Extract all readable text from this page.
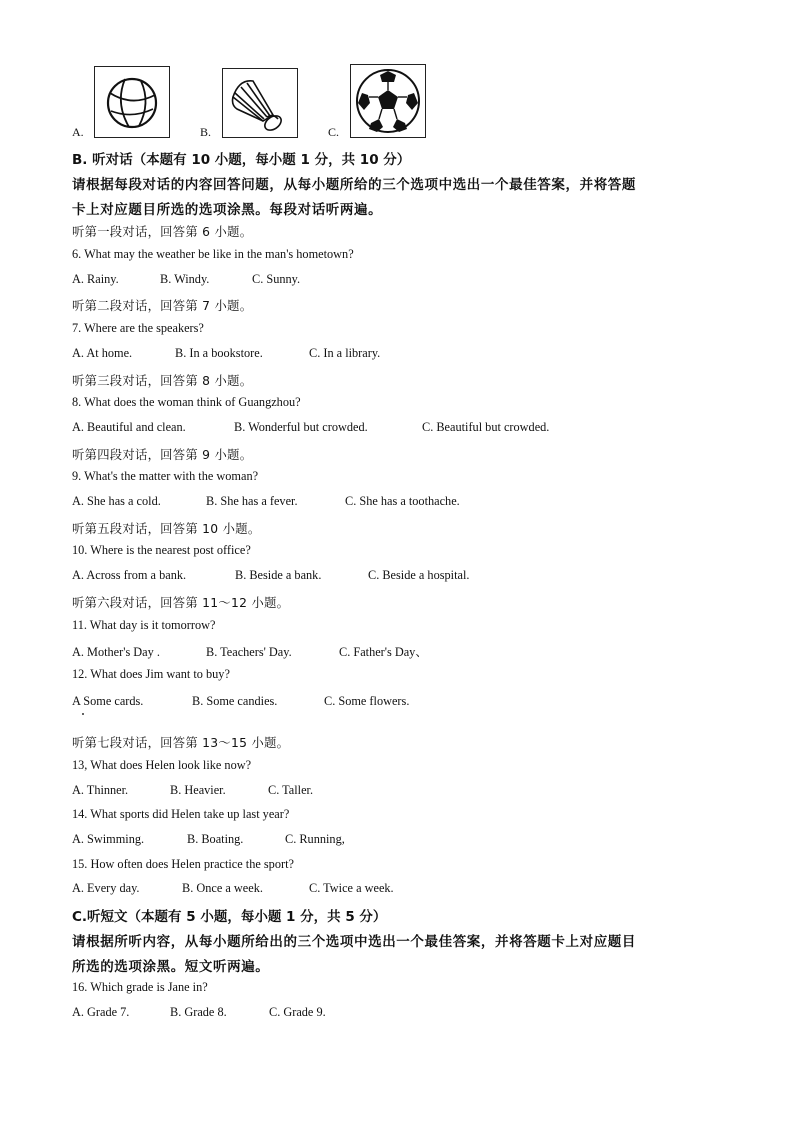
A.	B.	C.
B. 听对话（本题有 10 小题，每小题 1 分，共 10 分）
请根据每段对话的内容回答问题，从每小题所给的三个选项中选出一个最佳答案，并将答题
卡上对应题目所选的选项涂黑。每段对话听两遍。
听第一段对话，回答第 6 小题。
6. What may the weather be like in the man's hometown?
A. Rainy.	B. Windy.	C. Sunny.
听第二段对话，回答第 7 小题。
7. Where are the speakers?
A. At home.	B. In a bookstore.	C. In a library.
听第三段对话，回答第 8 小题。
8. What does the woman think of Guangzhou?
A. Beautiful and clean.	B. Wonderful but crowded.	C. Beautiful but crowded.
听第四段对话，回答第 9 小题。
9. What's the matter with the woman?
A. She has a cold.	B. She has a fever.	C. She has a toothache.
听第五段对话，回答第 10 小题。
10. Where is the nearest post office?
A. Across from a bank.	B. Beside a bank.	C. Beside a hospital.
听第六段对话，回答第 11～12 小题。
11. What day is it tomorrow?
A. Mother's Day .	B. Teachers' Day.	C. Father's Day、
12. What does Jim want to buy?
A Some cards.	B. Some candies.	C. Some flowers.
听第七段对话，回答第 13～15 小题。
13, What does Helen look like now?
A. Thinner.	B. Heavier.	C. Taller.
14. What sports did Helen take up last year?
A. Swimming.	B. Boating.	C. Running,
15. How often does Helen practice the sport?
A. Every day.	B. Once a week.	C. Twice a week.
C.听短文（本题有 5 小题，每小题 1 分，共 5 分）
请根据所听内容，从每小题所给出的三个选项中选出一个最佳答案，并将答题卡上对应题目
所选的选项涂黑。短文听两遍。
16. Which grade is Jane in?
A. Grade 7.	B. Grade 8.	C. Grade 9.
